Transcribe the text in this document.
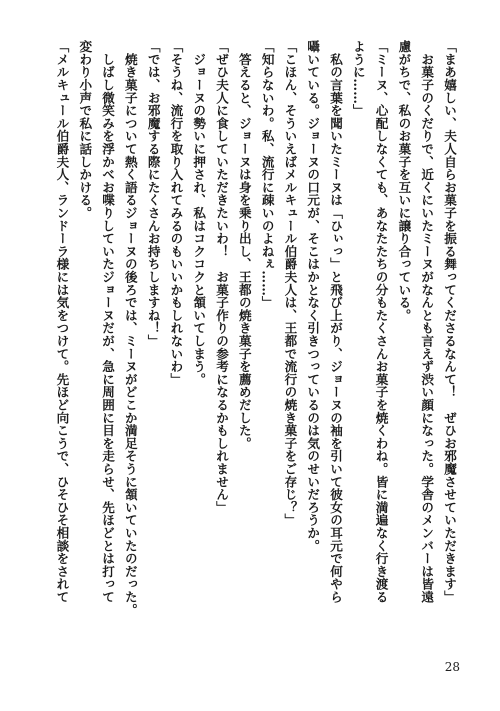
「まあ嬉しい、夫人自らお菓子を振る舞ってくださるなんて！　ぜひお邪魔させていただきます」
　お菓子のくだりで、近くにいたミーヌがなんとも言えず渋い顔になった。学舎のメンバーは皆遠
慮がちで、私のお菓子を互いに譲り合っている。
「ミーヌ、心配しなくても、あなたたちの分もたくさんお菓子を焼くわね。皆に満遍なく行き渡る
ように……」
　私の言葉を聞いたミーヌは「ひぃっ」と飛び上がり、ジョーヌの袖を引いて彼女の耳元で何やら
囁いている。ジョーヌの口元が、そこはかとなく引きつっているのは気のせいだろうか。
「こほん、そういえばメルキュール伯爵夫人は、王都で流行の焼き菓子をご存じ？」
「知らないわ。私、流行に疎いのよねぇ……」
　答えると、ジョーヌは身を乗り出し、王都の焼き菓子を薦めだした。
「ぜひ夫人に食していただきたいわ！　お菓子作りの参考になるかもしれません」
　ジョーヌの勢いに押され、私はコクコクと頷いてしまう。
「そうね、流行を取り入れてみるのもいいかもしれないわ」
「では、お邪魔する際にたくさんお持ちしますね！」
　焼き菓子について熱く語るジョーヌの後ろでは、ミーヌがどこか満足そうに頷いていたのだった。
　しばし微笑みを浮かべお喋りしていたジョーヌだが、急に周囲に目を走らせ、先ほどとは打って
変わり小声で私に話しかける。
「メルキュール伯爵夫人、ランドーラ様には気をつけて。先ほど向こうで、ひそひそ相談をされて
28
